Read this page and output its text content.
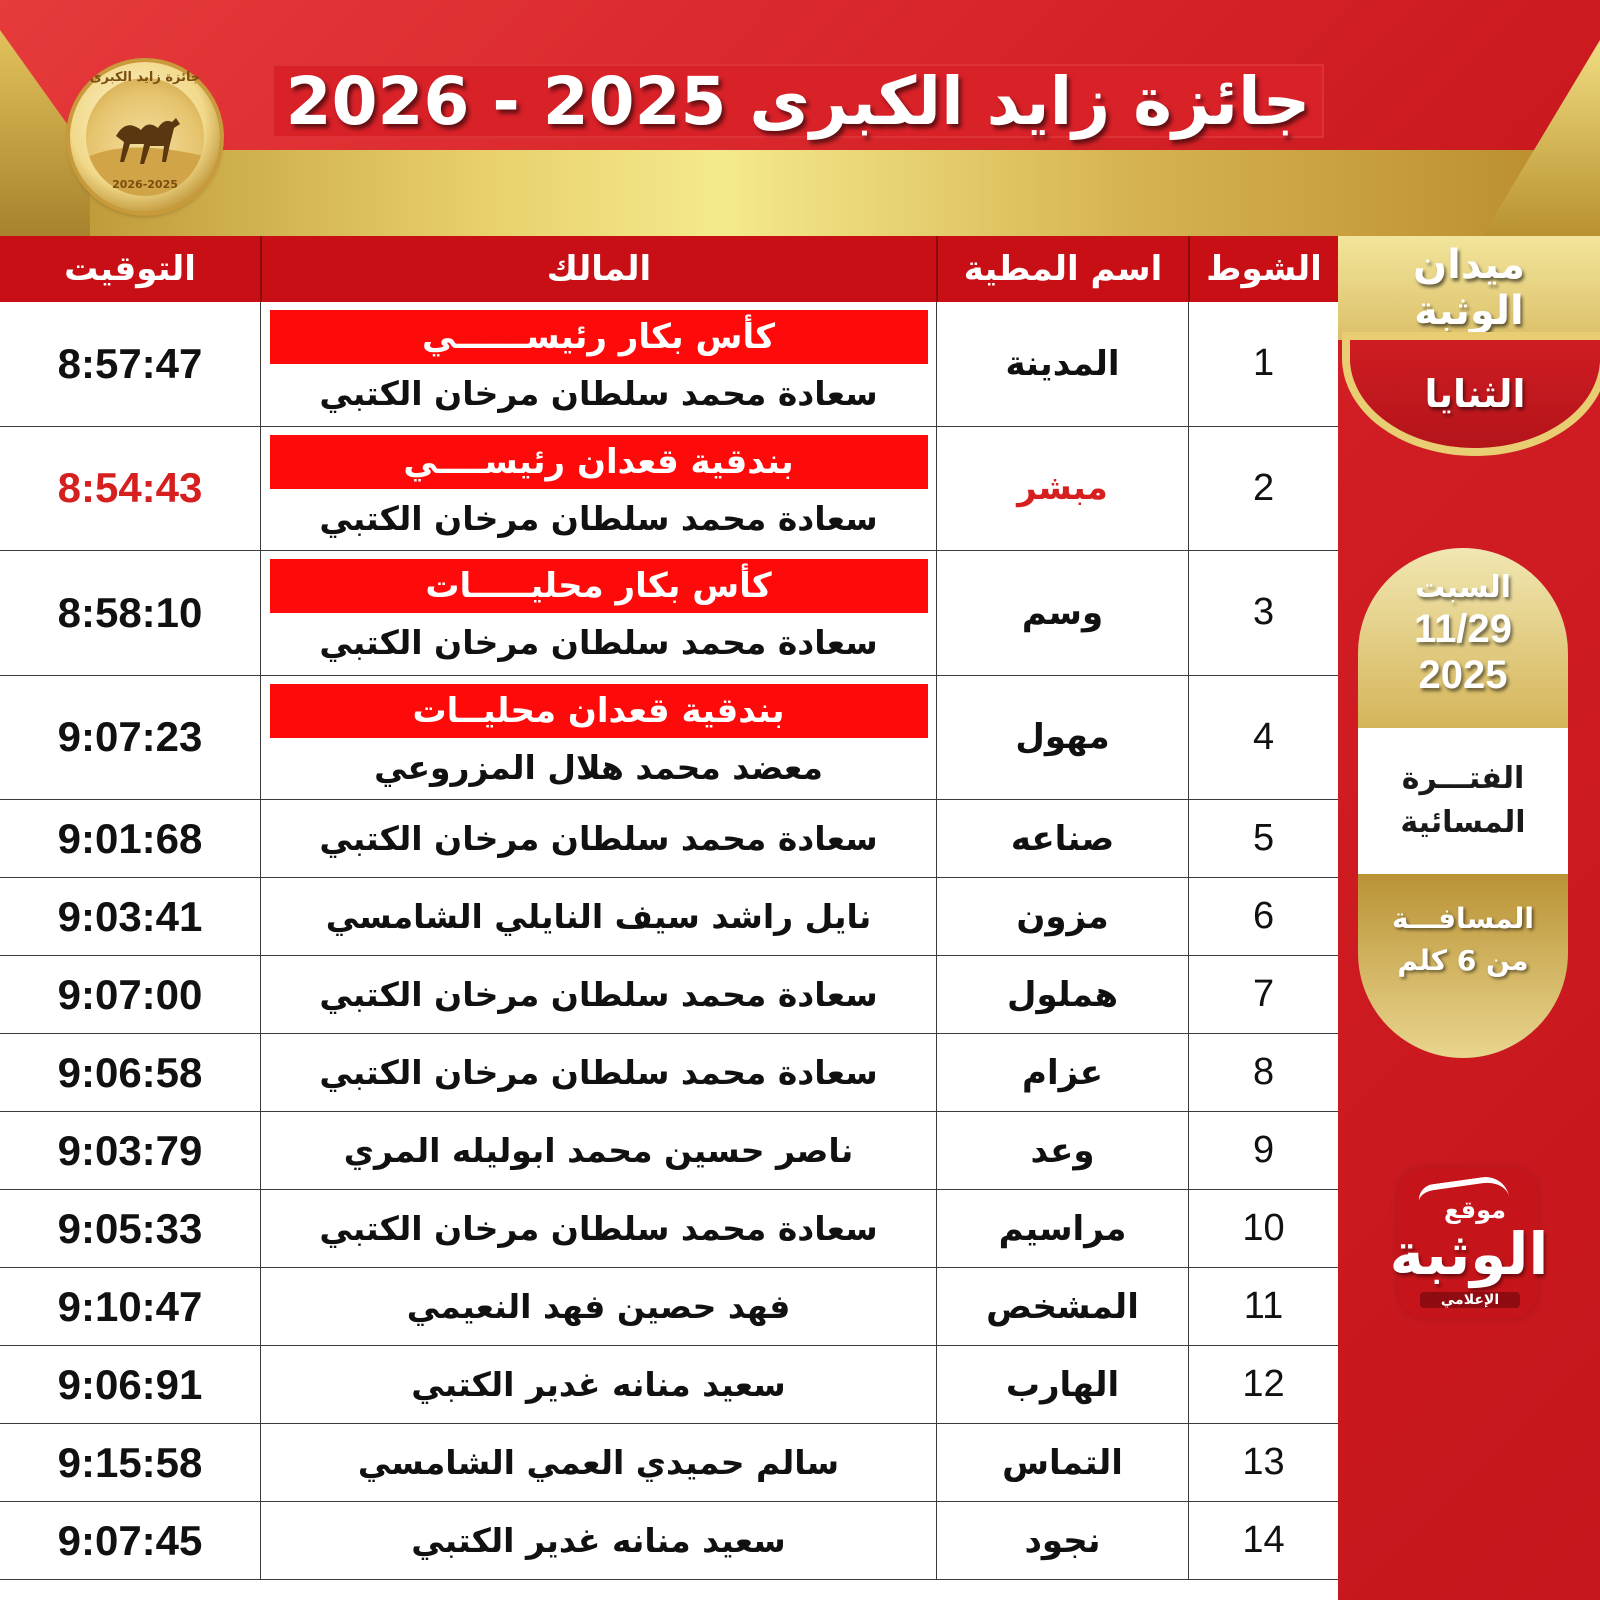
جائزة زايد الكبرى 2025 - 2026
جائزة زايد الكبرى
2026-2025
الشوط
اسم المطية
المالك
التوقيت
1
المدينة
كأس بكار رئيســــــي
سعادة محمد سلطان مرخان الكتبي
8:57:47
2
مبشر
بندقية قعدان رئيســــي
سعادة محمد سلطان مرخان الكتبي
8:54:43
3
وسم
كأس بكار محليـــــات
سعادة محمد سلطان مرخان الكتبي
8:58:10
4
مهول
بندقية قعدان محليــات
معضد محمد هلال المزروعي
9:07:23
5
صناعه
سعادة محمد سلطان مرخان الكتبي
9:01:68
6
مزون
نايل راشد سيف النايلي الشامسي
9:03:41
7
هملول
سعادة محمد سلطان مرخان الكتبي
9:07:00
8
عزام
سعادة محمد سلطان مرخان الكتبي
9:06:58
9
وعد
ناصر حسين محمد ابوليله المري
9:03:79
10
مراسيم
سعادة محمد سلطان مرخان الكتبي
9:05:33
11
المشخص
فهد حصين فهد النعيمي
9:10:47
12
الهارب
سعيد منانه غدير الكتبي
9:06:91
13
التماس
سالم حميدي العمي الشامسي
9:15:58
14
نجود
سعيد منانه غدير الكتبي
9:07:45
ميدان
الوثبة
الثنايا
السبت
11/29
2025
الفتـــرة
المسائية
المسافـــة
من 6 كلم
موقع
الوثبة
الإعلامي
